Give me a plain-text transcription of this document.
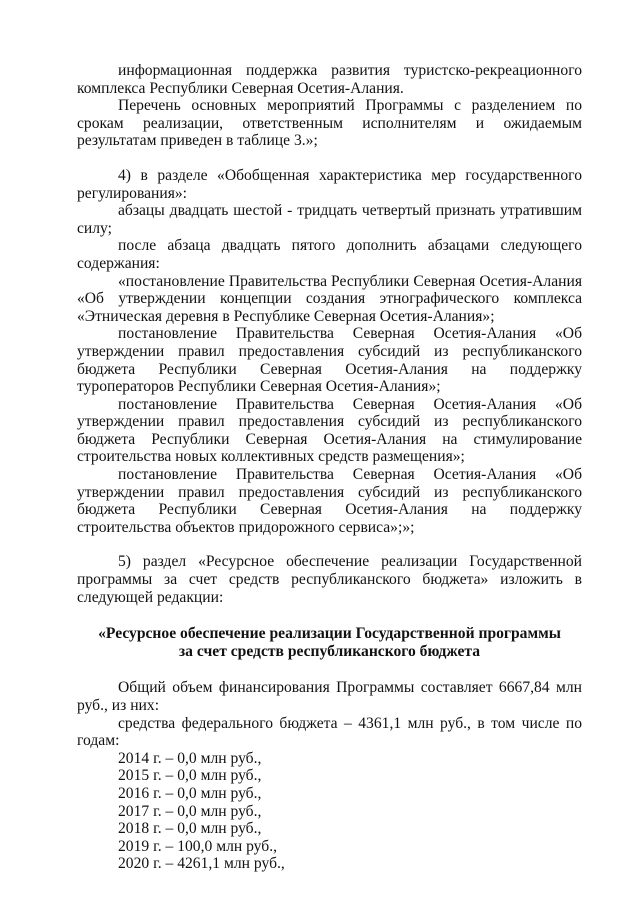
информационная поддержка развития туристско-рекреационного комплекса Республики Северная Осетия-Алания.

Перечень основных мероприятий Программы с разделением по срокам реализации, ответственным исполнителям и ожидаемым результатам приведен в таблице 3.»;

4) в разделе «Обобщенная характеристика мер государственного регулирования»:

абзацы двадцать шестой - тридцать четвертый признать утратившим силу;

после абзаца двадцать пятого дополнить абзацами следующего содержания:

«постановление Правительства Республики Северная Осетия-Алания «Об утверждении концепции создания этнографического комплекса «Этническая деревня в Республике Северная Осетия-Алания»;

постановление Правительства Северная Осетия-Алания «Об утверждении правил предоставления субсидий из республиканского бюджета Республики Северная Осетия-Алания на поддержку туроператоров Республики Северная Осетия-Алания»;

постановление Правительства Северная Осетия-Алания «Об утверждении правил предоставления субсидий из республиканского бюджета Республики Северная Осетия-Алания на стимулирование строительства новых коллективных средств размещения»;

постановление Правительства Северная Осетия-Алания «Об утверждении правил предоставления субсидий из республиканского бюджета Республики Северная Осетия-Алания на поддержку строительства объектов придорожного сервиса»;»;

5) раздел «Ресурсное обеспечение реализации Государственной программы за счет средств республиканского бюджета» изложить в следующей редакции:

«Ресурсное обеспечение реализации Государственной программы

за счет средств республиканского бюджета

Общий объем финансирования Программы составляет 6667,84 млн руб., из них:

средства федерального бюджета – 4361,1 млн руб., в том числе по годам:

2014 г. – 0,0 млн руб.,

2015 г. – 0,0 млн руб.,

2016 г. – 0,0 млн руб.,

2017 г. – 0,0 млн руб.,

2018 г. – 0,0 млн руб.,

2019 г. – 100,0 млн руб.,

2020 г. – 4261,1 млн руб.,
